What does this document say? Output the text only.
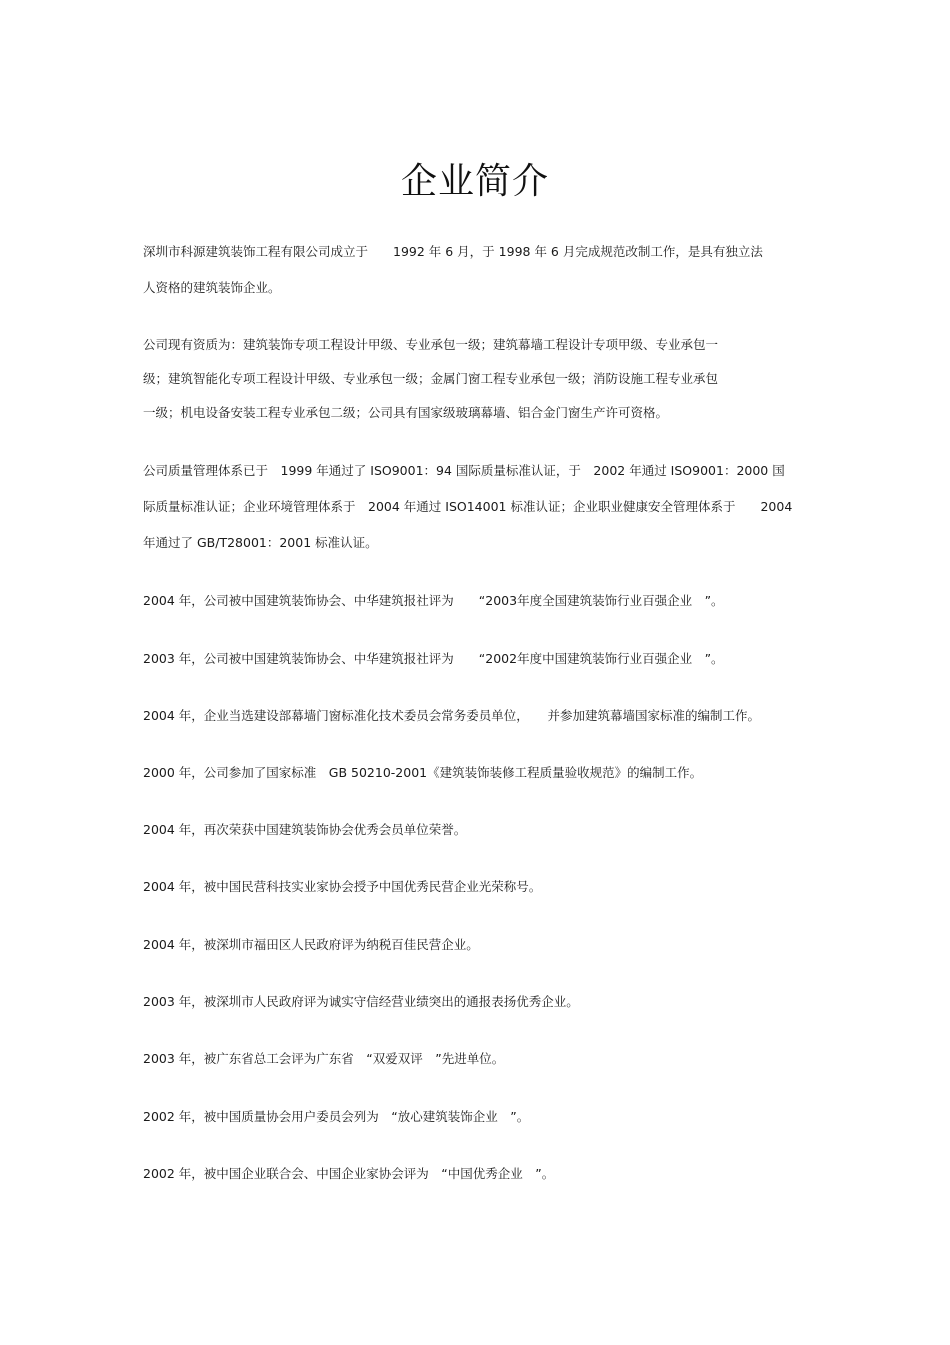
企业简介
深圳市科源建筑装饰工程有限公司成立于　　1992 年 6 月，于 1998 年 6 月完成规范改制工作，是具有独立法
人资格的建筑装饰企业。
公司现有资质为：建筑装饰专项工程设计甲级、专业承包一级；建筑幕墙工程设计专项甲级、专业承包一
级；建筑智能化专项工程设计甲级、专业承包一级；金属门窗工程专业承包一级；消防设施工程专业承包
一级；机电设备安装工程专业承包二级；公司具有国家级玻璃幕墙、铝合金门窗生产许可资格。
公司质量管理体系已于　1999 年通过了 ISO9001：94 国际质量标准认证，于　2002 年通过 ISO9001：2000 国
际质量标准认证；企业环境管理体系于　2004 年通过 ISO14001 标准认证；企业职业健康安全管理体系于　　2004
年通过了 GB/T28001：2001 标准认证。
2004 年，公司被中国建筑装饰协会、中华建筑报社评为　　“2003年度全国建筑装饰行业百强企业　”。
2003 年，公司被中国建筑装饰协会、中华建筑报社评为　　“2002年度中国建筑装饰行业百强企业　”。
2004 年，企业当选建设部幕墙门窗标准化技术委员会常务委员单位，　　并参加建筑幕墙国家标准的编制工作。
2000 年，公司参加了国家标准　GB 50210-2001《建筑装饰装修工程质量验收规范》的编制工作。
2004 年，再次荣获中国建筑装饰协会优秀会员单位荣誉。
2004 年，被中国民营科技实业家协会授予中国优秀民营企业光荣称号。
2004 年，被深圳市福田区人民政府评为纳税百佳民营企业。
2003 年，被深圳市人民政府评为诚实守信经营业绩突出的通报表扬优秀企业。
2003 年，被广东省总工会评为广东省　“双爱双评　”先进单位。
2002 年，被中国质量协会用户委员会列为　“放心建筑装饰企业　”。
2002 年，被中国企业联合会、中国企业家协会评为　“中国优秀企业　”。
